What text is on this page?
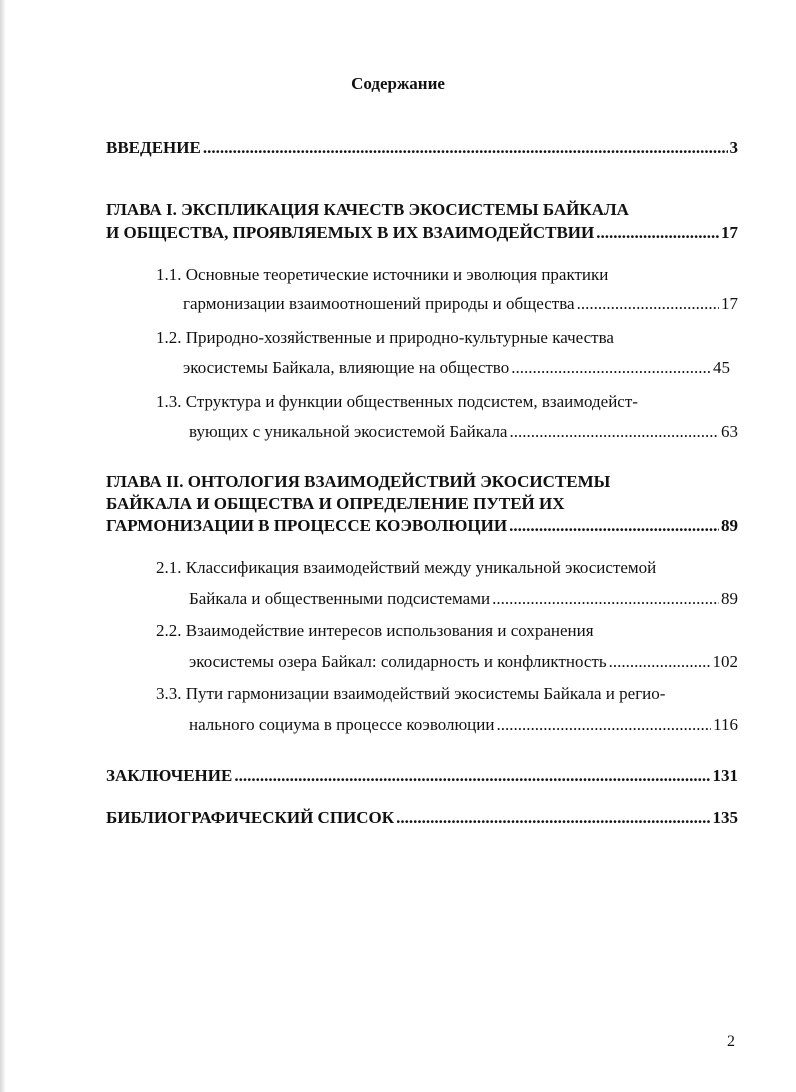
Содержание
ВВЕДЕНИЕ .....	3
ГЛАВА I. ЭКСПЛИКАЦИЯ КАЧЕСТВ ЭКОСИСТЕМЫ БАЙКАЛА
И ОБЩЕСТВА, ПРОЯВЛЯЕМЫХ В ИХ ВЗАИМОДЕЙСТВИИ .....	17
1.1. Основные теоретические источники и эволюция практики
гармонизации взаимоотношений природы и общества .....	17
1.2. Природно-хозяйственные и природно-культурные качества
экосистемы Байкала, влияющие на общество .....	45
1.3. Структура и функции общественных подсистем, взаимодейст-
вующих с уникальной экосистемой Байкала .....	63
ГЛАВА II. ОНТОЛОГИЯ ВЗАИМОДЕЙСТВИЙ ЭКОСИСТЕМЫ
БАЙКАЛА И ОБЩЕСТВА И ОПРЕДЕЛЕНИЕ ПУТЕЙ ИХ
ГАРМОНИЗАЦИИ В ПРОЦЕССЕ КОЭВОЛЮЦИИ .....	89
2.1. Классификация взаимодействий между уникальной экосистемой
Байкала и общественными подсистемами .....	89
2.2. Взаимодействие интересов использования и сохранения
экосистемы озера Байкал: солидарность и конфликтность .....	102
3.3. Пути гармонизации взаимодействий экосистемы Байкала и регио-
нального социума в процессе коэволюции .....	116
ЗАКЛЮЧЕНИЕ .....	131
БИБЛИОГРАФИЧЕСКИЙ СПИСОК .....	135
2
